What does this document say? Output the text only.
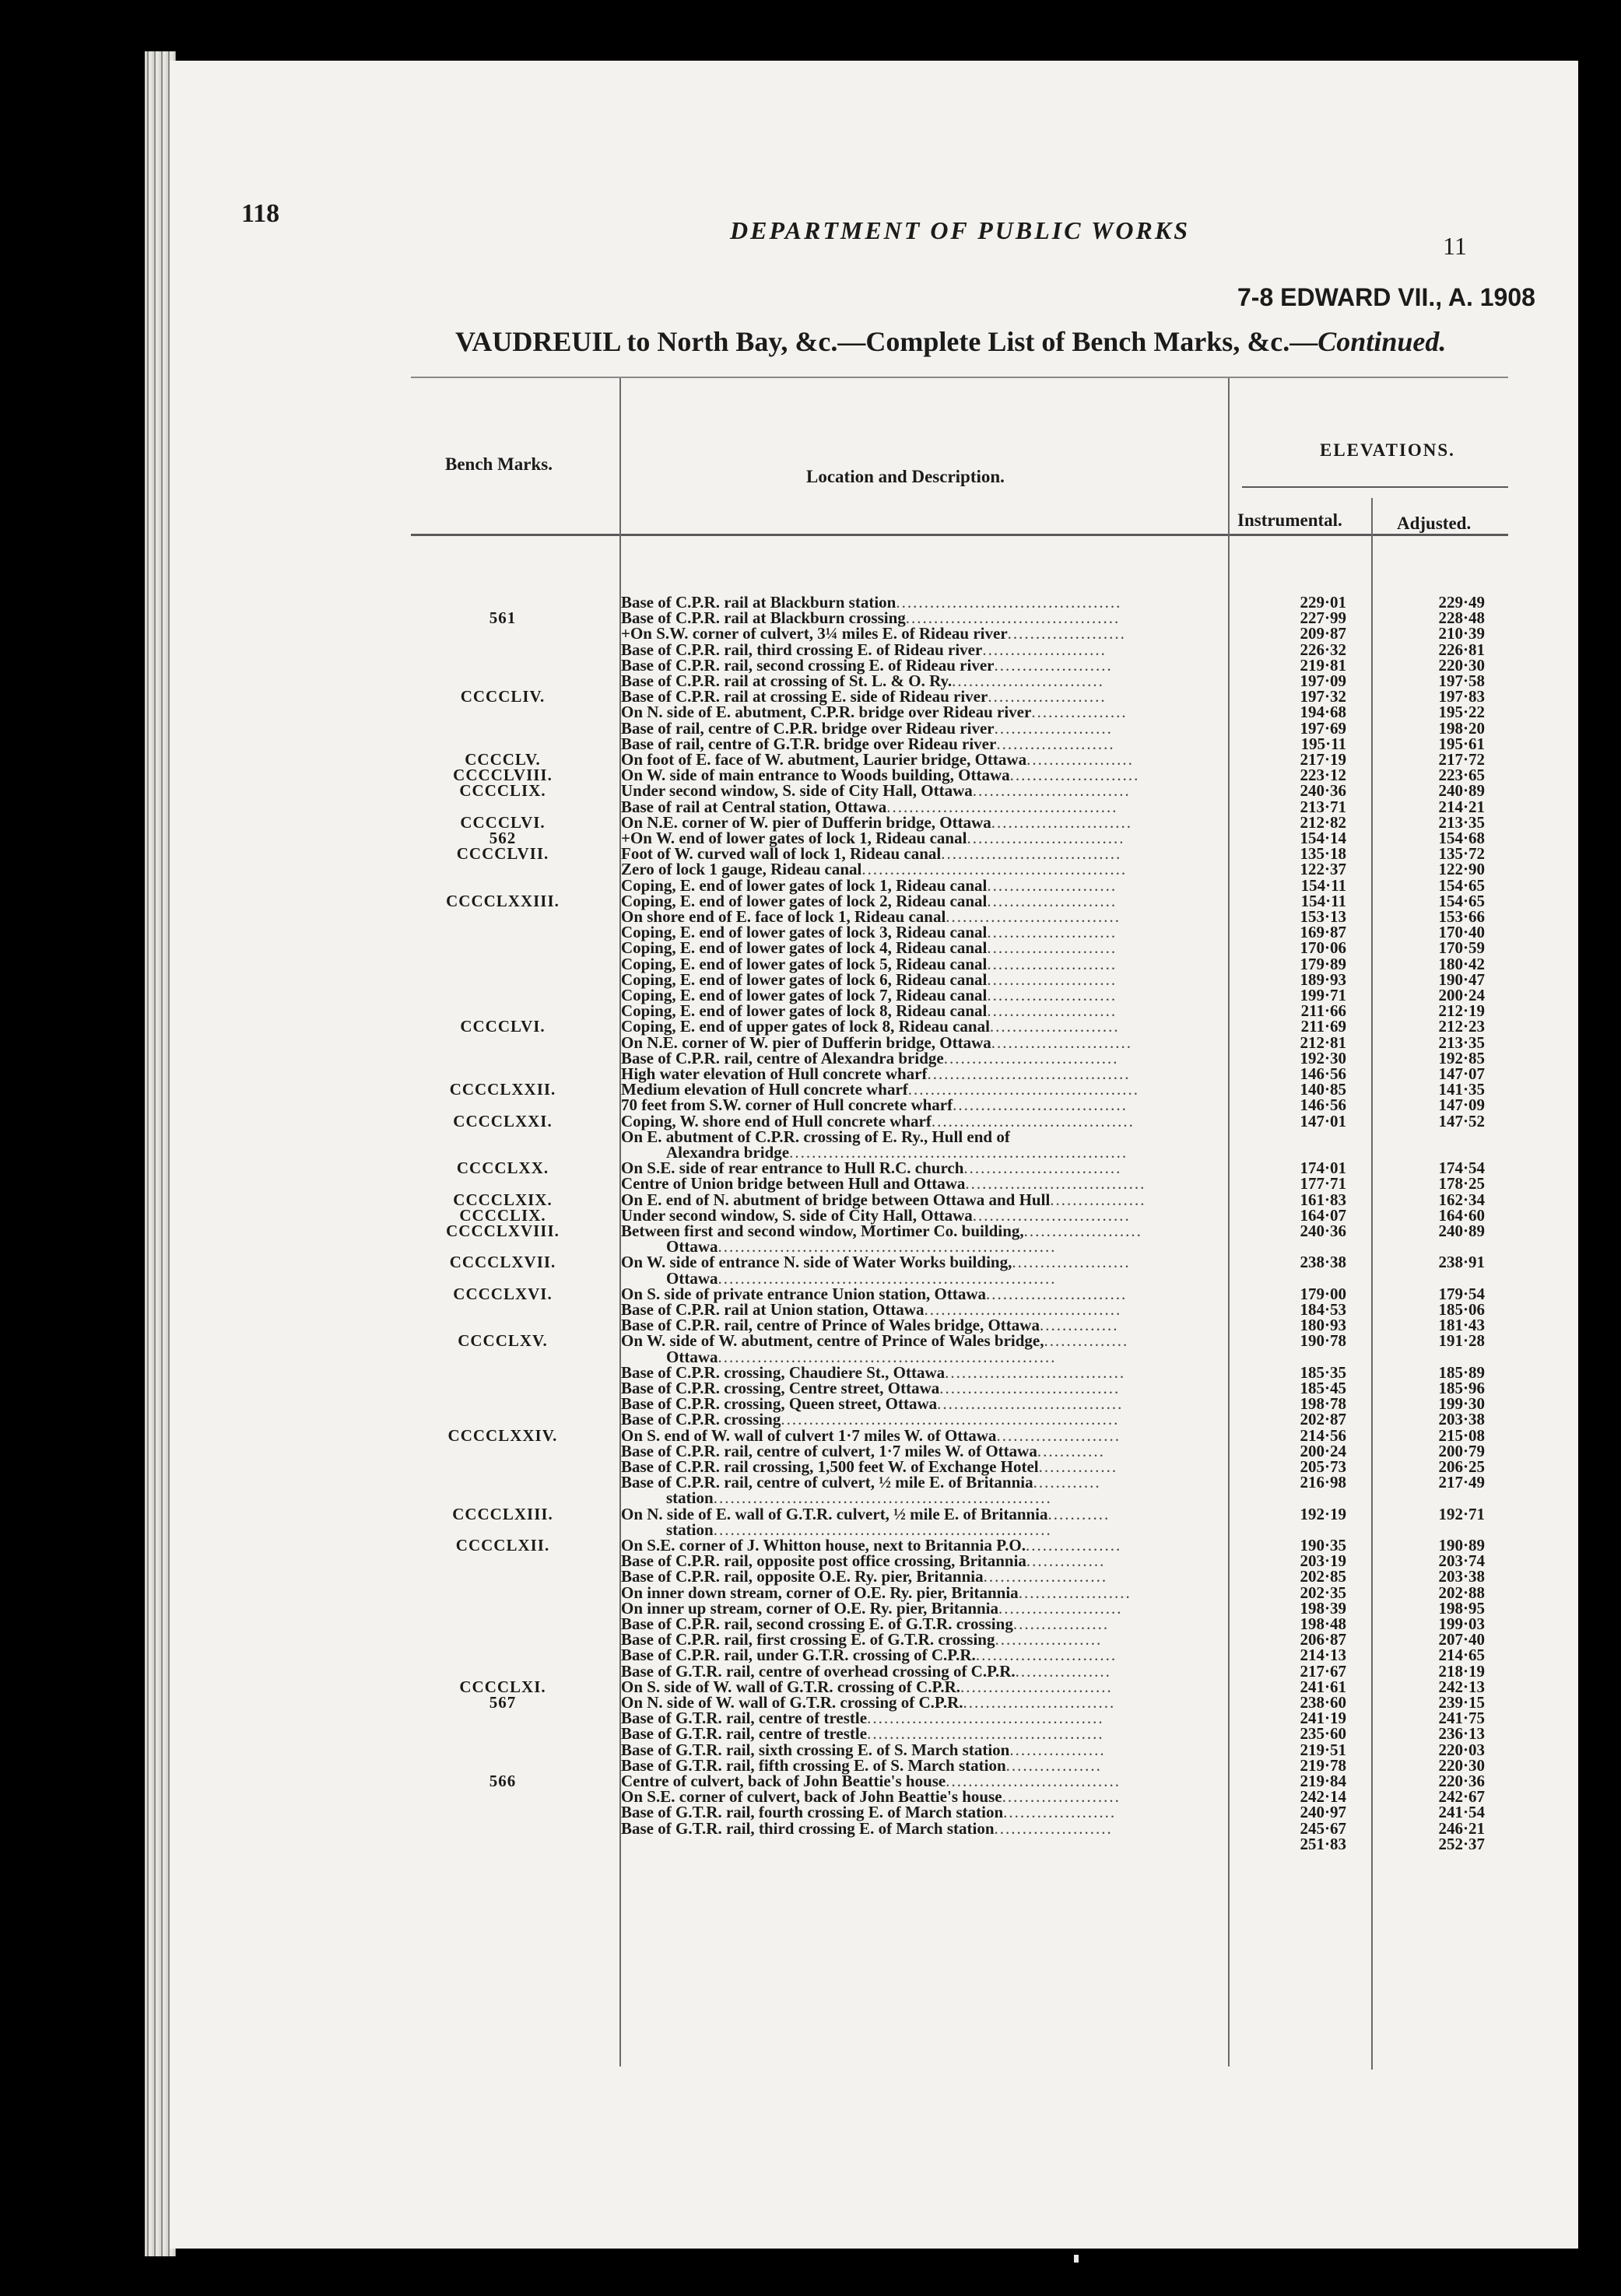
118
DEPARTMENT OF PUBLIC WORKS
11
7-8 EDWARD VII., A. 1908
VAUDREUIL to North Bay, &c.—Complete List of Bench Marks, &c.—Continued.
Bench Marks.
Location and Description.
ELEVATIONS.
Instrumental.	Adjusted.
Base of C.P.R. rail at Blackburn station........................................	229·01	229·49
561	Base of C.P.R. rail at Blackburn crossing......................................	227·99	228·48
+On S.W. corner of culvert, 3¼ miles E. of Rideau river.....................	209·87	210·39
Base of C.P.R. rail, third crossing E. of Rideau river......................	226·32	226·81
Base of C.P.R. rail, second crossing E. of Rideau river.....................	219·81	220·30
Base of C.P.R. rail at crossing of St. L. & O. Ry............................	197·09	197·58
CCCCLIV.	Base of C.P.R. rail at crossing E. side of Rideau river.....................	197·32	197·83
On N. side of E. abutment, C.P.R. bridge over Rideau river.................	194·68	195·22
Base of rail, centre of C.P.R. bridge over Rideau river.....................	197·69	198·20
Base of rail, centre of G.T.R. bridge over Rideau river.....................	195·11	195·61
CCCCLV.	On foot of E. face of W. abutment, Laurier bridge, Ottawa...................	217·19	217·72
CCCCLVIII.	On W. side of main entrance to Woods building, Ottawa.......................	223·12	223·65
CCCCLIX.	Under second window, S. side of City Hall, Ottawa............................	240·36	240·89
Base of rail at Central station, Ottawa.........................................	213·71	214·21
CCCCLVI.	On N.E. corner of W. pier of Dufferin bridge, Ottawa.........................	212·82	213·35
562	+On W. end of lower gates of lock 1, Rideau canal............................	154·14	154·68
CCCCLVII.	Foot of W. curved wall of lock 1, Rideau canal................................	135·18	135·72
Zero of lock 1 gauge, Rideau canal...............................................	122·37	122·90
Coping, E. end of lower gates of lock 1, Rideau canal.......................	154·11	154·65
CCCCLXXIII.	Coping, E. end of lower gates of lock 2, Rideau canal.......................	154·11	154·65
On shore end of E. face of lock 1, Rideau canal...............................	153·13	153·66
Coping, E. end of lower gates of lock 3, Rideau canal.......................	169·87	170·40
Coping, E. end of lower gates of lock 4, Rideau canal.......................	170·06	170·59
Coping, E. end of lower gates of lock 5, Rideau canal.......................	179·89	180·42
Coping, E. end of lower gates of lock 6, Rideau canal.......................	189·93	190·47
Coping, E. end of lower gates of lock 7, Rideau canal.......................	199·71	200·24
Coping, E. end of lower gates of lock 8, Rideau canal.......................	211·66	212·19
CCCCLVI.	Coping, E. end of upper gates of lock 8, Rideau canal.......................	211·69	212·23
On N.E. corner of W. pier of Dufferin bridge, Ottawa.........................	212·81	213·35
Base of C.P.R. rail, centre of Alexandra bridge...............................	192·30	192·85
High water elevation of Hull concrete wharf....................................	146·56	147·07
CCCCLXXII.	Medium elevation of Hull concrete wharf.........................................	140·85	141·35
70 feet from S.W. corner of Hull concrete wharf...............................	146·56	147·09
CCCCLXXI.	Coping, W. shore end of Hull concrete wharf....................................	147·01	147·52
On E. abutment of C.P.R. crossing of E. Ry., Hull end of
Alexandra bridge............................................................
CCCCLXX.	On S.E. side of rear entrance to Hull R.C. church............................	174·01	174·54
Centre of Union bridge between Hull and Ottawa................................	177·71	178·25
CCCCLXIX.	On E. end of N. abutment of bridge between Ottawa and Hull.................	161·83	162·34
CCCCLIX.	Under second window, S. side of City Hall, Ottawa............................	164·07	164·60
CCCCLXVIII.	Between first and second window, Mortimer Co. building,.....................	240·36	240·89
Ottawa............................................................
CCCCLXVII.	On W. side of entrance N. side of Water Works building,.....................	238·38	238·91
Ottawa............................................................
CCCCLXVI.	On S. side of private entrance Union station, Ottawa.........................	179·00	179·54
Base of C.P.R. rail at Union station, Ottawa...................................	184·53	185·06
Base of C.P.R. rail, centre of Prince of Wales bridge, Ottawa..............	180·93	181·43
CCCCLXV.	On W. side of W. abutment, centre of Prince of Wales bridge,...............	190·78	191·28
Ottawa............................................................
Base of C.P.R. crossing, Chaudiere St., Ottawa................................	185·35	185·89
Base of C.P.R. crossing, Centre street, Ottawa................................	185·45	185·96
Base of C.P.R. crossing, Queen street, Ottawa.................................	198·78	199·30
Base of C.P.R. crossing............................................................	202·87	203·38
CCCCLXXIV.	On S. end of W. wall of culvert 1·7 miles W. of Ottawa......................	214·56	215·08
Base of C.P.R. rail, centre of culvert, 1·7 miles W. of Ottawa............	200·24	200·79
Base of C.P.R. rail crossing, 1,500 feet W. of Exchange Hotel..............	205·73	206·25
Base of C.P.R. rail, centre of culvert, ½ mile E. of Britannia............	216·98	217·49
station............................................................
CCCCLXIII.	On N. side of E. wall of G.T.R. culvert, ½ mile E. of Britannia...........	192·19	192·71
station............................................................
CCCCLXII.	On S.E. corner of J. Whitton house, next to Britannia P.O..................	190·35	190·89
Base of C.P.R. rail, opposite post office crossing, Britannia..............	203·19	203·74
Base of C.P.R. rail, opposite O.E. Ry. pier, Britannia......................	202·85	203·38
On inner down stream, corner of O.E. Ry. pier, Britannia....................	202·35	202·88
On inner up stream, corner of O.E. Ry. pier, Britannia......................	198·39	198·95
Base of C.P.R. rail, second crossing E. of G.T.R. crossing.................	198·48	199·03
Base of C.P.R. rail, first crossing E. of G.T.R. crossing...................	206·87	207·40
Base of C.P.R. rail, under G.T.R. crossing of C.P.R..........................	214·13	214·65
Base of G.T.R. rail, centre of overhead crossing of C.P.R..................	217·67	218·19
CCCCLXI.	On S. side of W. wall of G.T.R. crossing of C.P.R............................	241·61	242·13
567	On N. side of W. wall of G.T.R. crossing of C.P.R............................	238·60	239·15
Base of G.T.R. rail, centre of trestle..........................................	241·19	241·75
Base of G.T.R. rail, centre of trestle..........................................	235·60	236·13
Base of G.T.R. rail, sixth crossing E. of S. March station.................	219·51	220·03
Base of G.T.R. rail, fifth crossing E. of S. March station.................	219·78	220·30
566	Centre of culvert, back of John Beattie's house...............................	219·84	220·36
On S.E. corner of culvert, back of John Beattie's house.....................	242·14	242·67
Base of G.T.R. rail, fourth crossing E. of March station....................	240·97	241·54
Base of G.T.R. rail, third crossing E. of March station.....................	245·67	246·21
251·83	252·37
